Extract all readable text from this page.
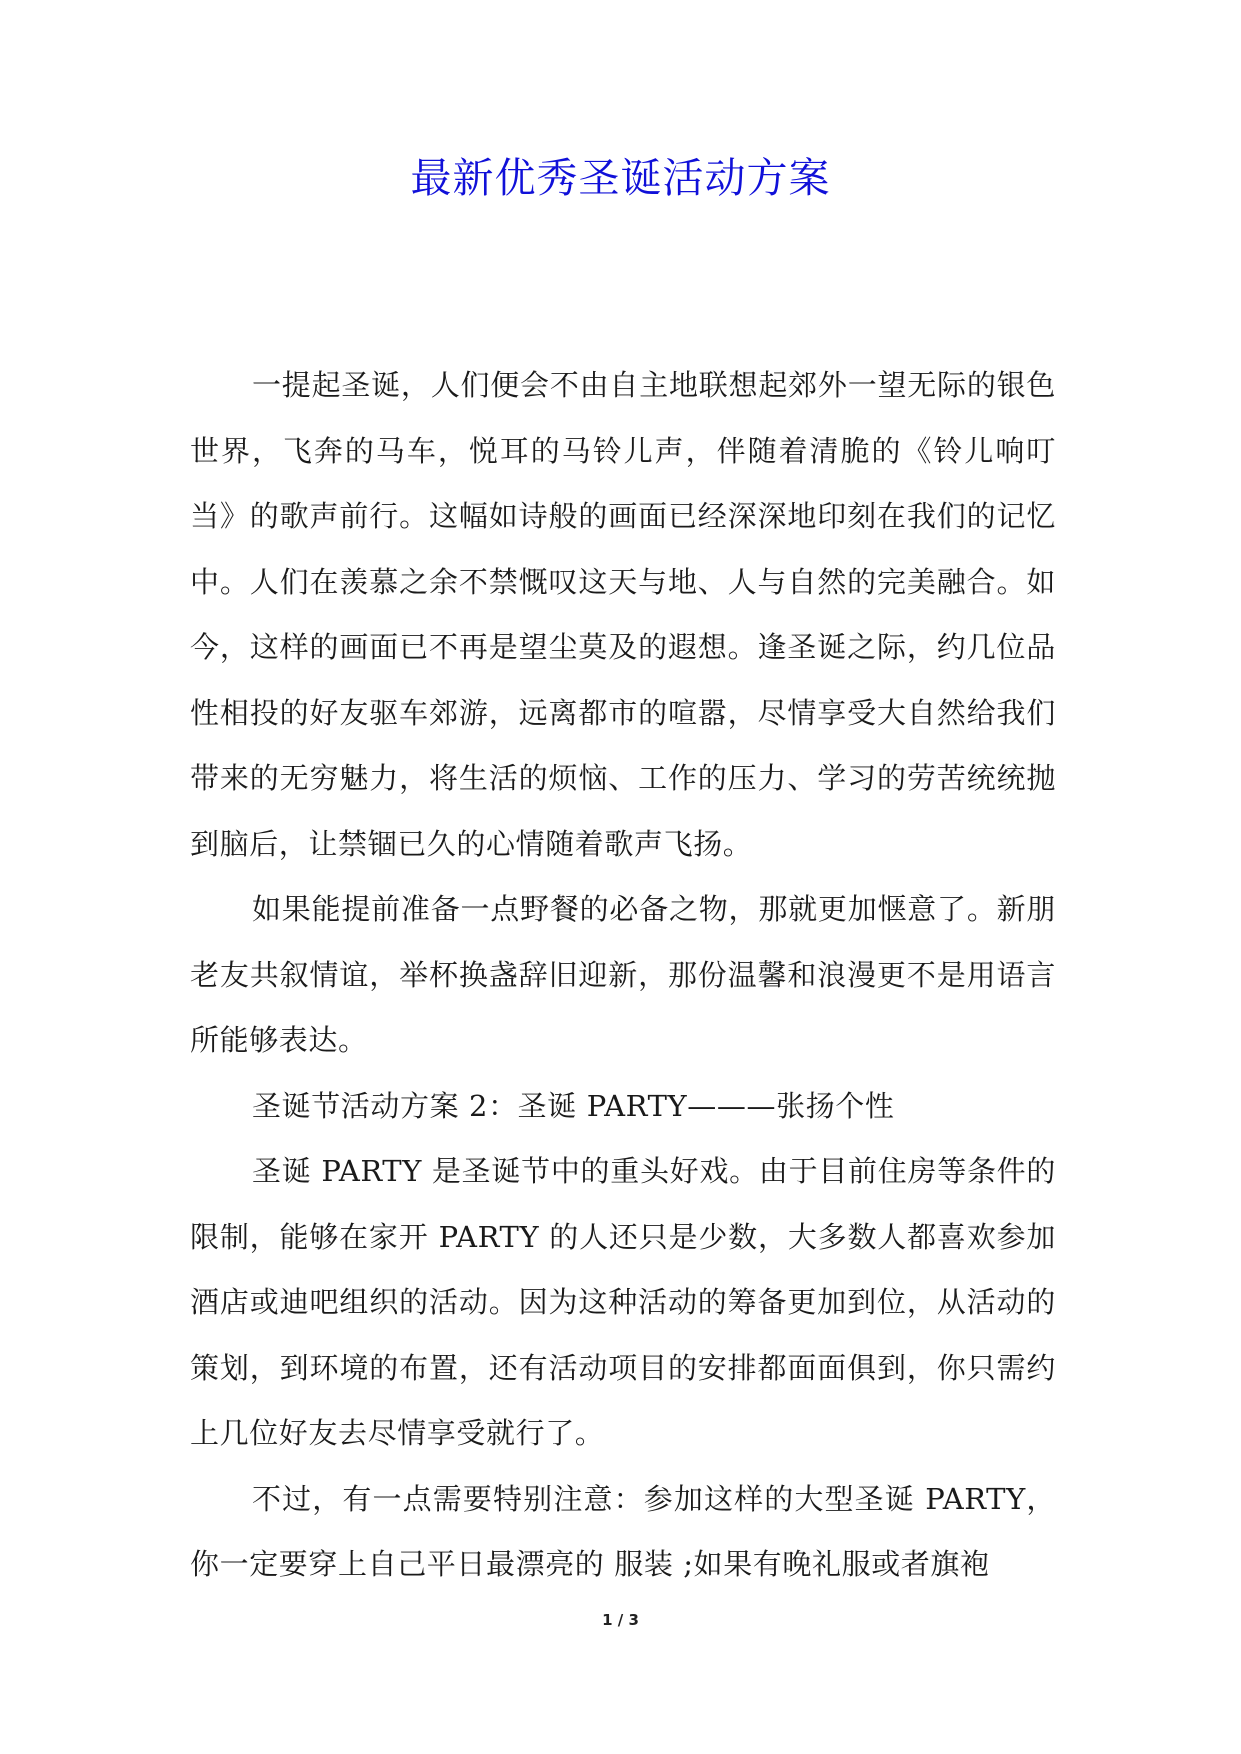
最新优秀圣诞活动方案

一提起圣诞，人们便会不由自主地联想起郊外一望无际的银色世界，飞奔的马车，悦耳的马铃儿声，伴随着清脆的《铃儿响叮当》的歌声前行。这幅如诗般的画面已经深深地印刻在我们的记忆中。人们在羡慕之余不禁慨叹这天与地、人与自然的完美融合。如今，这样的画面已不再是望尘莫及的遐想。逢圣诞之际，约几位品性相投的好友驱车郊游，远离都市的喧嚣，尽情享受大自然给我们带来的无穷魅力，将生活的烦恼、工作的压力、学习的劳苦统统抛到脑后，让禁锢已久的心情随着歌声飞扬。

如果能提前准备一点野餐的必备之物，那就更加惬意了。新朋老友共叙情谊，举杯换盏辞旧迎新，那份温馨和浪漫更不是用语言所能够表达。

圣诞节活动方案 2：圣诞 PARTY———张扬个性

圣诞 PARTY 是圣诞节中的重头好戏。由于目前住房等条件的限制，能够在家开 PARTY 的人还只是少数，大多数人都喜欢参加酒店或迪吧组织的活动。因为这种活动的筹备更加到位，从活动的策划，到环境的布置，还有活动项目的安排都面面俱到，你只需约上几位好友去尽情享受就行了。

不过，有一点需要特别注意：参加这样的大型圣诞 PARTY，你一定要穿上自己平日最漂亮的 服装 ;如果有晚礼服或者旗袍

1 / 3
